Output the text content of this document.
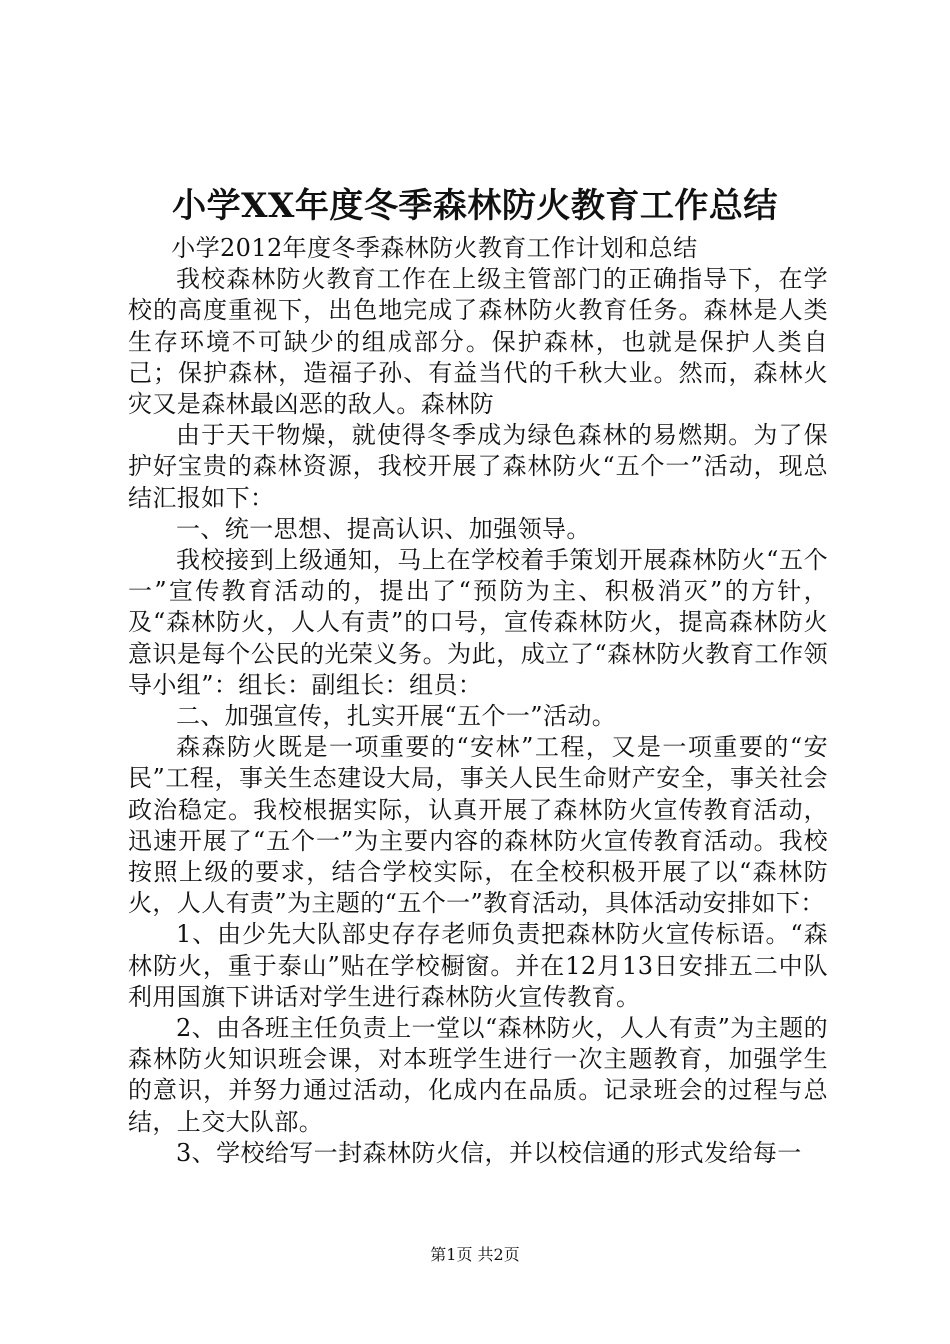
小学XX年度冬季森林防火教育工作总结

小学2012年度冬季森林防火教育工作计划和总结

我校森林防火教育工作在上级主管部门的正确指导下，在学校的高度重视下，出色地完成了森林防火教育任务。森林是人类生存环境不可缺少的组成部分。保护森林，也就是保护人类自己；保护森林，造福子孙、有益当代的千秋大业。然而，森林火灾又是森林最凶恶的敌人。森林防

由于天干物燥，就使得冬季成为绿色森林的易燃期。为了保护好宝贵的森林资源，我校开展了森林防火“五个一”活动，现总结汇报如下：

一、统一思想、提高认识、加强领导。

我校接到上级通知，马上在学校着手策划开展森林防火“五个一”宣传教育活动的，提出了“预防为主、积极消灭”的方针，及“森林防火，人人有责”的口号，宣传森林防火，提高森林防火意识是每个公民的光荣义务。为此，成立了“森林防火教育工作领导小组”：组长：副组长：组员：

二、加强宣传，扎实开展“五个一”活动。

森森防火既是一项重要的“安林”工程，又是一项重要的“安民”工程，事关生态建设大局，事关人民生命财产安全，事关社会政治稳定。我校根据实际，认真开展了森林防火宣传教育活动，迅速开展了“五个一”为主要内容的森林防火宣传教育活动。我校按照上级的要求，结合学校实际，在全校积极开展了以“森林防火，人人有责”为主题的“五个一”教育活动，具体活动安排如下：

1、由少先大队部史存存老师负责把森林防火宣传标语。“森林防火，重于泰山”贴在学校橱窗。并在12月13日安排五二中队利用国旗下讲话对学生进行森林防火宣传教育。

2、由各班主任负责上一堂以“森林防火，人人有责”为主题的森林防火知识班会课，对本班学生进行一次主题教育，加强学生的意识，并努力通过活动，化成内在品质。记录班会的过程与总结，上交大队部。

3、学校给写一封森林防火信，并以校信通的形式发给每一

第1页 共2页
